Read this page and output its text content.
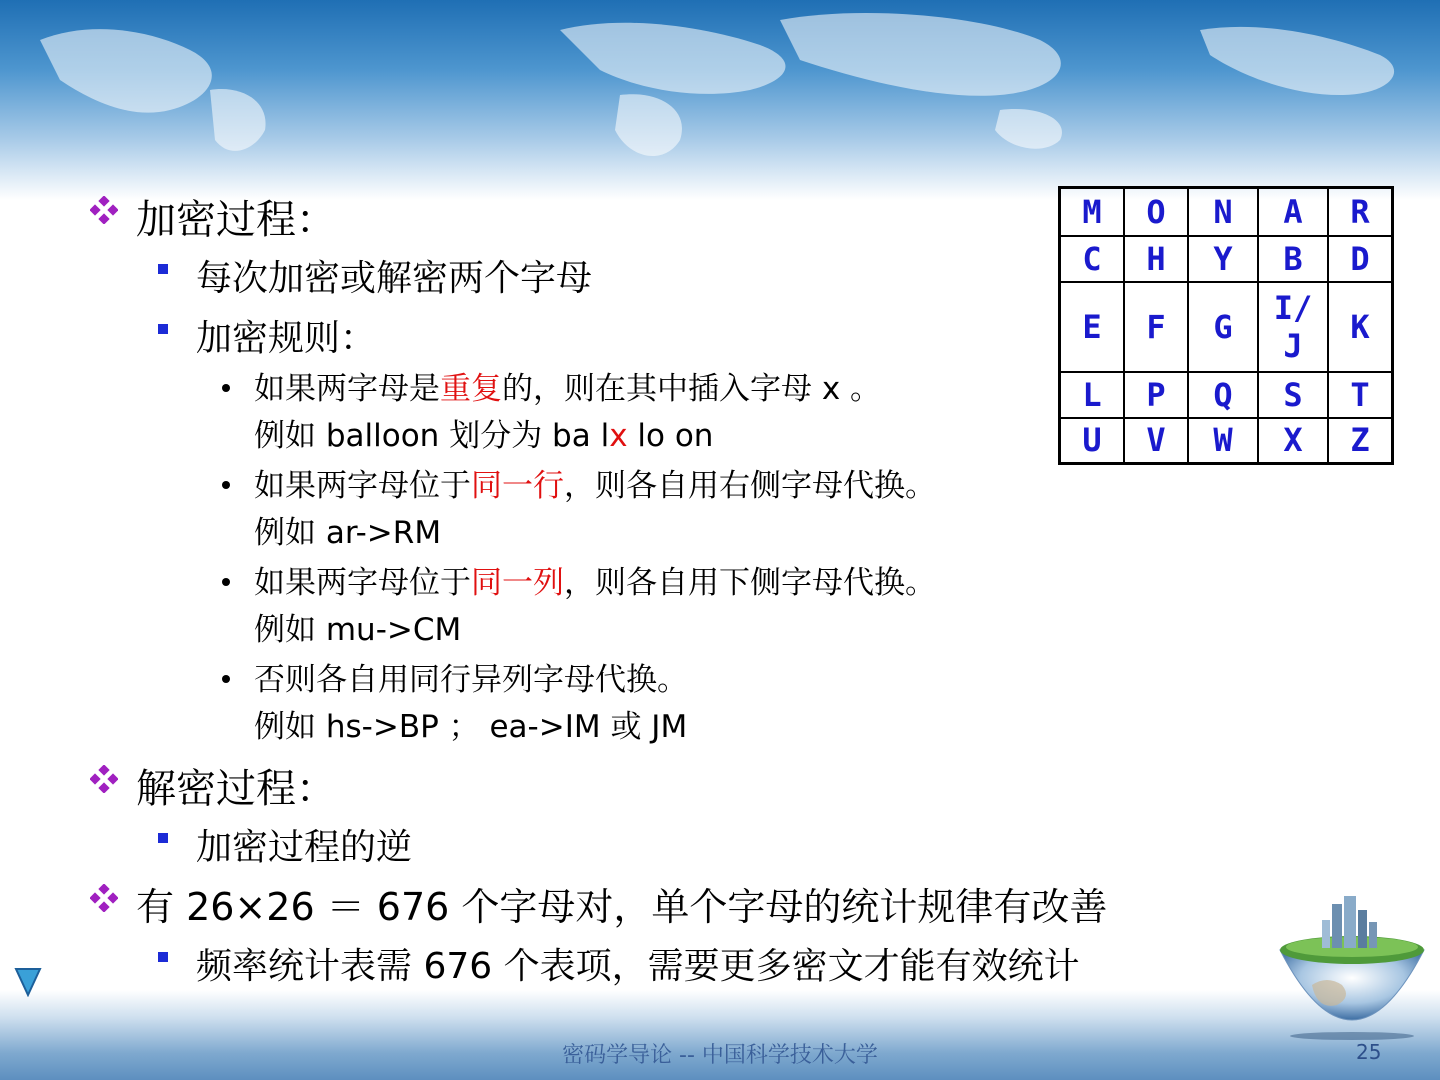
加密过程：
每次加密或解密两个字母
加密规则：
如果两字母是重复的，则在其中插入字母 x 。
例如 balloon 划分为 ba lx lo on
如果两字母位于同一行，则各自用右侧字母代换。
例如 ar->RM
如果两字母位于同一列，则各自用下侧字母代换。
例如 mu->CM
否则各自用同行异列字母代换。
例如 hs->BP ； ea->IM 或 JM
解密过程：
加密过程的逆
有 26×26 ＝ 676 个字母对，单个字母的统计规律有改善
频率统计表需 676 个表项，需要更多密文才能有效统计
M	O	N	A	R
C	H	Y	B	D
E	F	G	I/J	K
L	P	Q	S	T
U	V	W	X	Z
密码学导论 -- 中国科学技术大学	25
